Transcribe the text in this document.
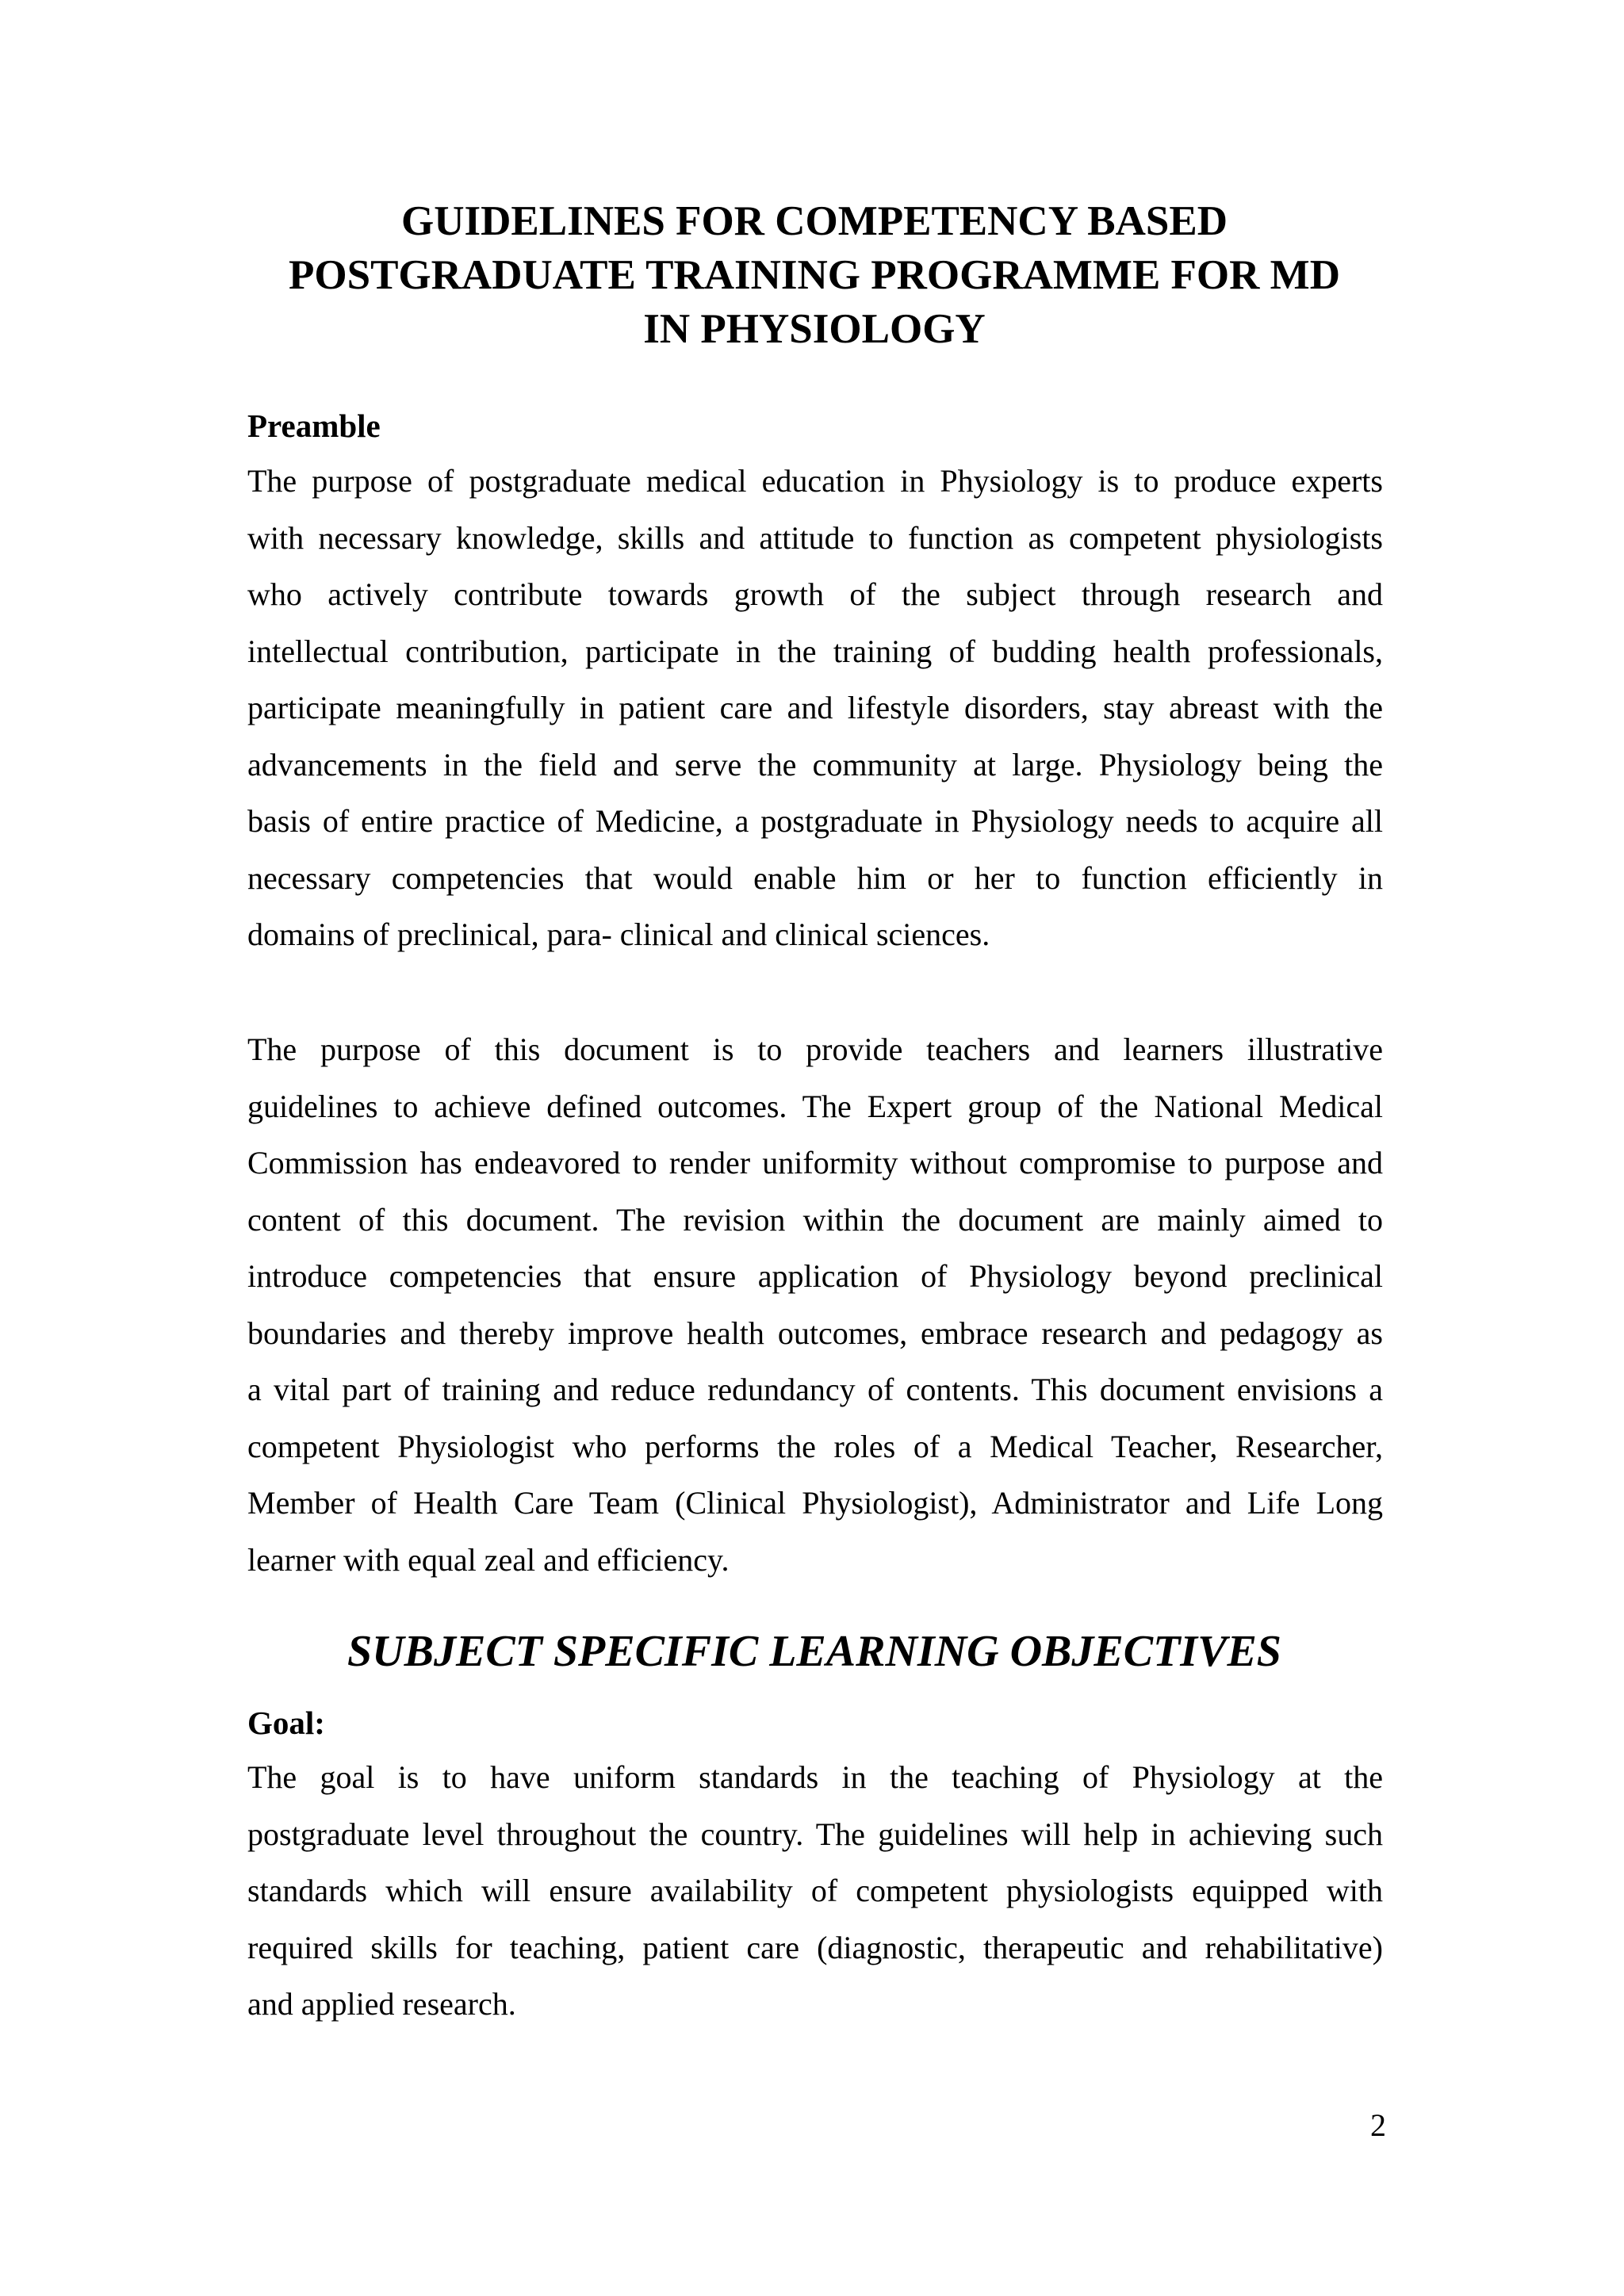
GUIDELINES FOR COMPETENCY BASED
POSTGRADUATE TRAINING PROGRAMME FOR MD
IN PHYSIOLOGY
Preamble
The purpose of postgraduate medical education in Physiology is to produce experts
with necessary knowledge, skills and attitude to function as competent physiologists
who actively contribute towards growth of the subject through research and
intellectual contribution, participate in the training of budding health professionals,
participate meaningfully in patient care and lifestyle disorders, stay abreast with the
advancements in the field and serve the community at large. Physiology being the
basis of entire practice of Medicine, a postgraduate in Physiology needs to acquire all
necessary competencies that would enable him or her to function efficiently in
domains of preclinical, para- clinical and clinical sciences.
The purpose of this document is to provide teachers and learners illustrative
guidelines to achieve defined outcomes. The Expert group of the National Medical
Commission has endeavored to render uniformity without compromise to purpose and
content of this document. The revision within the document are mainly aimed to
introduce competencies that ensure application of Physiology beyond preclinical
boundaries and thereby improve health outcomes, embrace research and pedagogy as
a vital part of training and reduce redundancy of contents. This document envisions a
competent Physiologist who performs the roles of a Medical Teacher, Researcher,
Member of Health Care Team (Clinical Physiologist), Administrator and Life Long
learner with equal zeal and efficiency.
SUBJECT SPECIFIC LEARNING OBJECTIVES
Goal:
The goal is to have uniform standards in the teaching of Physiology at the
postgraduate level throughout the country. The guidelines will help in achieving such
standards which will ensure availability of competent physiologists equipped with
required skills for teaching, patient care (diagnostic, therapeutic and rehabilitative)
and applied research.
2
